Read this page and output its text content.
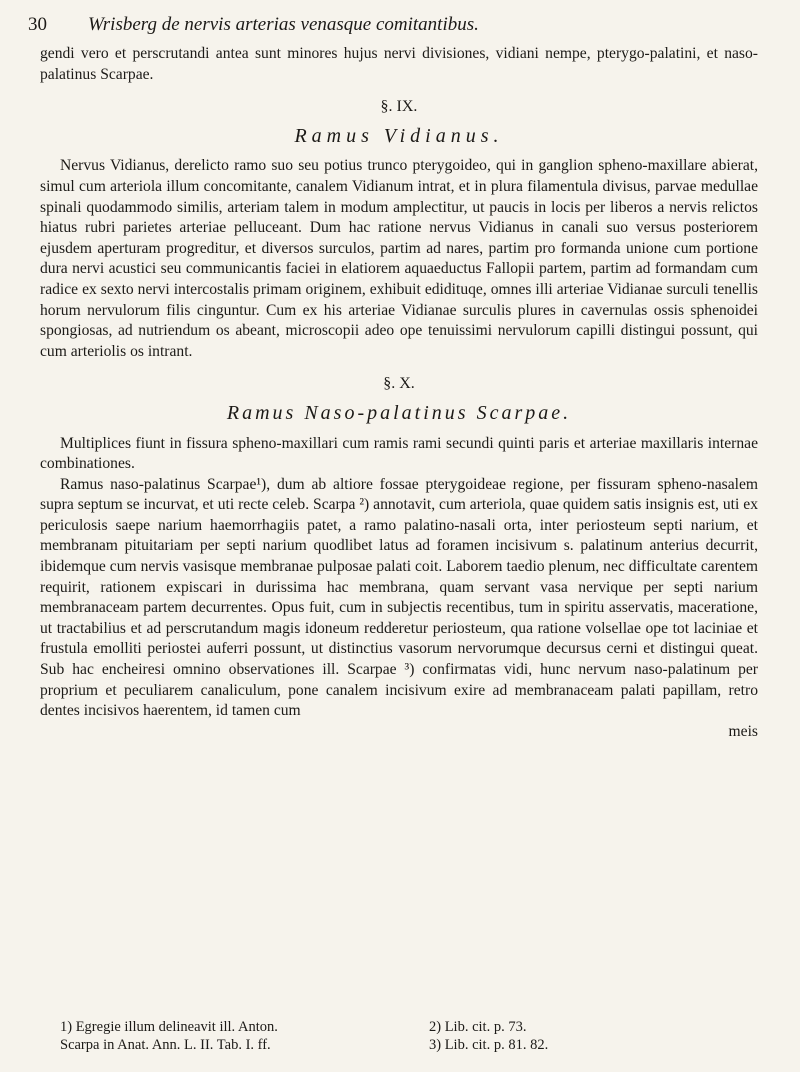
30	Wrisberg de nervis arterias venasque comitantibus.

gendi vero et perscrutandi antea sunt minores hujus nervi divisiones, vidiani nempe, pterygo-palatini, et naso-palatinus Scarpae.

§. IX.
Ramus Vidianus.

Nervus Vidianus, derelicto ramo suo seu potius trunco pterygoideo, qui in ganglion spheno-maxillare abierat, simul cum arteriola illum concomitante, canalem Vidianum intrat, et in plura filamentula divisus, parvae medullae spinali quodammodo similis, arteriam talem in modum amplectitur, ut paucis in locis per liberos a nervis relictos hiatus rubri parietes arteriae pelluceant. Dum hac ratione nervus Vidianus in canali suo versus posteriorem ejusdem aperturam progreditur, et diversos surculos, partim ad nares, partim pro formanda unione cum portione dura nervi acustici seu communicantis faciei in elatiorem aquaeductus Fallopii partem, partim ad formandam cum radice ex sexto nervi intercostalis primam originem, exhibuit edidituqe, omnes illi arteriae Vidianae surculi tenellis horum nervulorum filis cinguntur. Cum ex his arteriae Vidianae surculis plures in cavernulas ossis sphenoidei spongiosas, ad nutriendum os abeant, microscopii adeo ope tenuissimi nervulorum capilli distingui possunt, qui cum arteriolis os intrant.

§. X.
Ramus Naso-palatinus Scarpae.

Multiplices fiunt in fissura spheno-maxillari cum ramis rami secundi quinti paris et arteriae maxillaris internae combinationes.

Ramus naso-palatinus Scarpae¹), dum ab altiore fossae pterygoideae regione, per fissuram spheno-nasalem supra septum se incurvat, et uti recte celeb. Scarpa ²) annotavit, cum arteriola, quae quidem satis insignis est, uti ex periculosis saepe narium haemorrhagiis patet, a ramo palatino-nasali orta, inter periosteum septi narium, et membranam pituitariam per septi narium quodlibet latus ad foramen incisivum s. palatinum anterius decurrit, ibidemque cum nervis vasisque membranae pulposae palati coit. Laborem taedio plenum, nec difficultate carentem requirit, rationem expiscari in durissima hac membrana, quam servant vasa nervique per septi narium membranaceam partem decurrentes. Opus fuit, cum in subjectis recentibus, tum in spiritu asservatis, maceratione, ut tractabilius et ad perscrutandum magis idoneum redderetur periosteum, qua ratione volsellae ope tot laciniae et frustula emolliti periostei auferri possunt, ut distinctius vasorum nervorumque decursus cerni et distingui queat. Sub hac encheiresi omnino observationes ill. Scarpae ³) confirmatas vidi, hunc nervum naso-palatinum per proprium et peculiarem canaliculum, pone canalem incisivum exire ad membranaceam palati papillam, retro dentes incisivos haerentem, id tamen cum

meis

1) Egregie illum delineavit ill. Anton.

Scarpa in Anat. Ann. L. II. Tab. I. ff.

2) Lib. cit. p. 73.

3) Lib. cit. p. 81. 82.
